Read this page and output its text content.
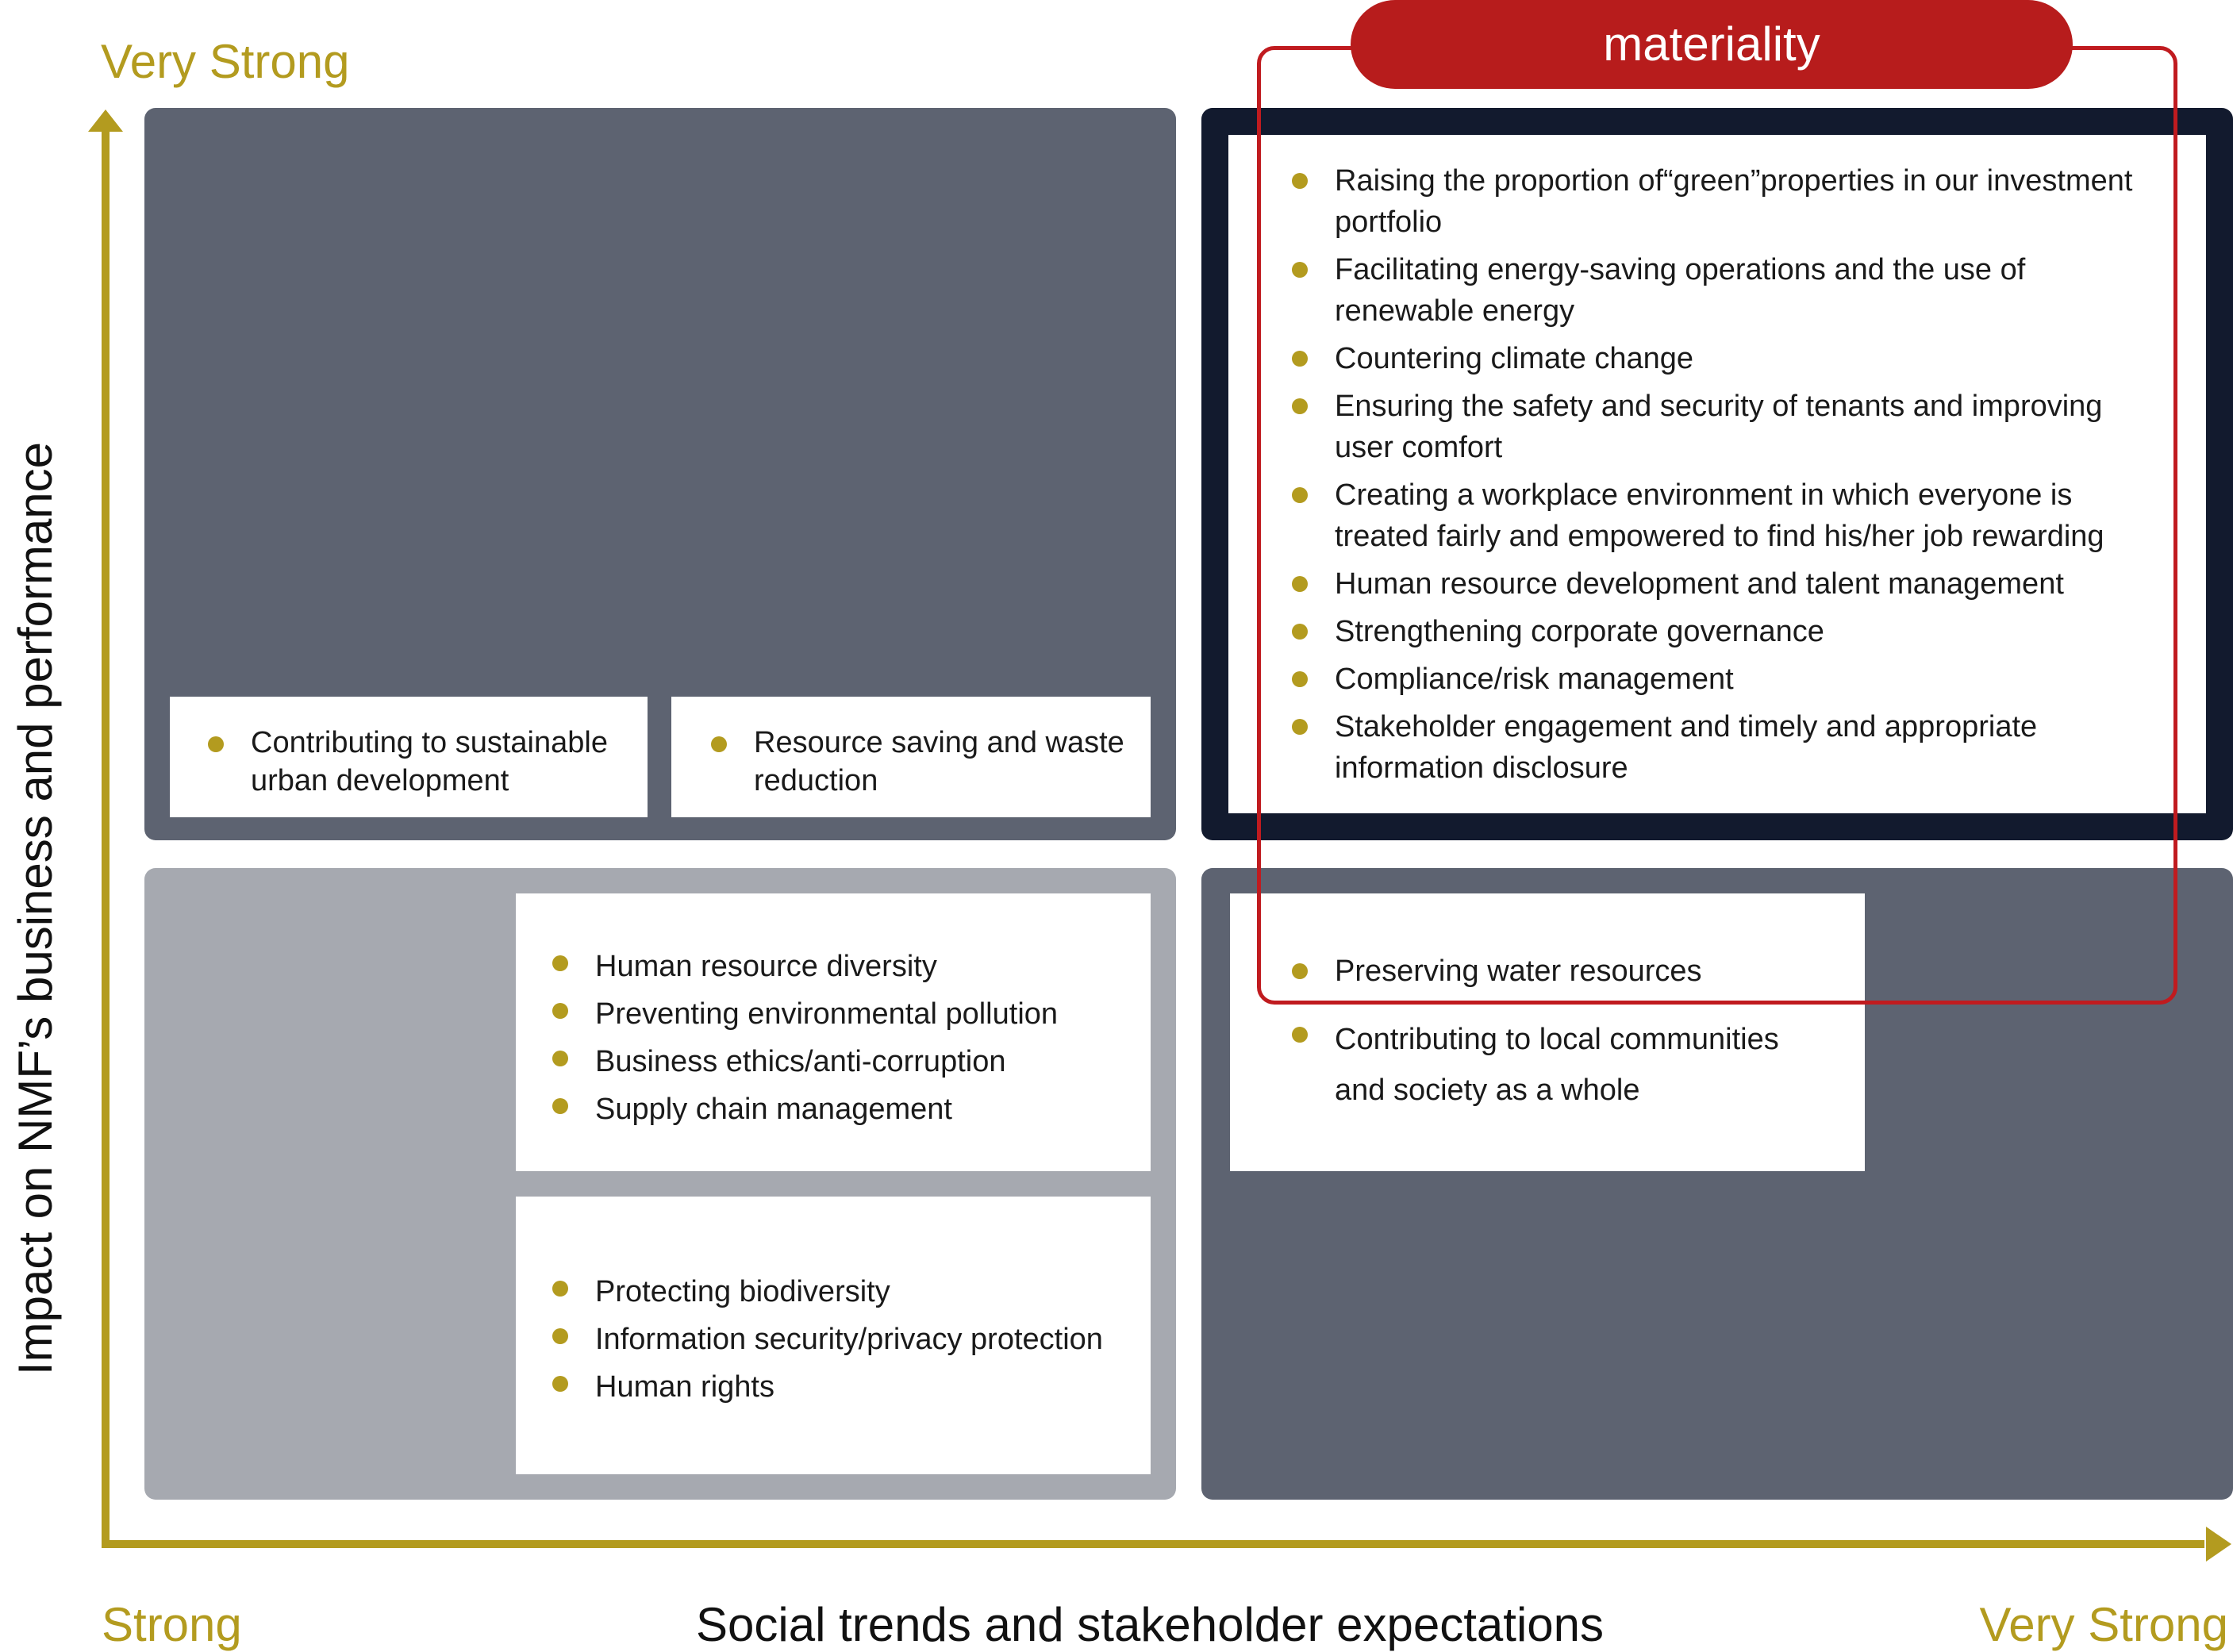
Very Strong
Impact on NMF’s business and performance
Strong	Social trends and stakeholder expectations	Very Strong
Contributing to sustainable urban development
Resource saving and waste reduction
Raising the proportion of“green”properties in our investment portfolio
Facilitating energy-saving operations and the use of renewable energy
Countering climate change
Ensuring the safety and security of tenants and improving user comfort
Creating a workplace environment in which everyone is treated fairly and empowered to find his/her job rewarding
Human resource development and talent management
Strengthening corporate governance
Compliance/risk management
Stakeholder engagement and timely and appropriate information disclosure
Human resource diversity
Preventing environmental pollution
Business ethics/anti-corruption
Supply chain management
Protecting biodiversity
Information security/privacy protection
Human rights
Preserving water resources
Contributing to local communities and society as a whole
materiality
